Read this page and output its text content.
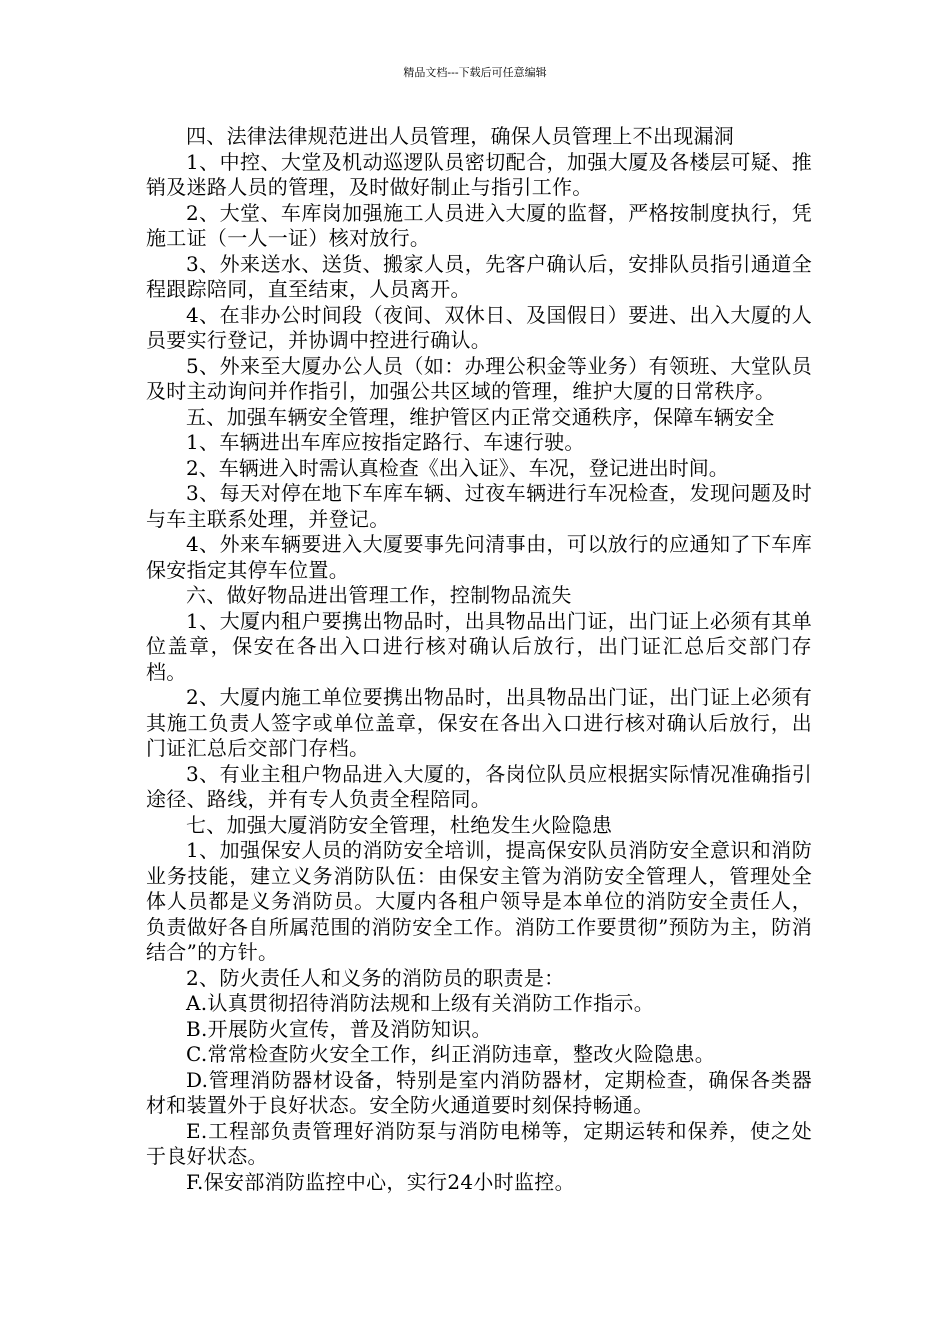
精品文档---下载后可任意编辑

四、法律法律规范进出人员管理，确保人员管理上不出现漏洞

1、中控、大堂及机动巡逻队员密切配合，加强大厦及各楼层可疑、推销及迷路人员的管理，及时做好制止与指引工作。

2、大堂、车库岗加强施工人员进入大厦的监督，严格按制度执行，凭施工证（一人一证）核对放行。

3、外来送水、送货、搬家人员，先客户确认后，安排队员指引通道全程跟踪陪同，直至结束，人员离开。

4、在非办公时间段（夜间、双休日、及国假日）要进、出入大厦的人员要实行登记，并协调中控进行确认。

5、外来至大厦办公人员（如：办理公积金等业务）有领班、大堂队员及时主动询问并作指引，加强公共区域的管理，维护大厦的日常秩序。

五、加强车辆安全管理，维护管区内正常交通秩序，保障车辆安全

1、车辆进出车库应按指定路行、车速行驶。

2、车辆进入时需认真检查《出入证》、车况，登记进出时间。

3、每天对停在地下车库车辆、过夜车辆进行车况检查，发现问题及时与车主联系处理，并登记。

4、外来车辆要进入大厦要事先问清事由，可以放行的应通知了下车库保安指定其停车位置。

六、做好物品进出管理工作，控制物品流失

1、大厦内租户要携出物品时，出具物品出门证，出门证上必须有其单位盖章，保安在各出入口进行核对确认后放行，出门证汇总后交部门存档。

2、大厦内施工单位要携出物品时，出具物品出门证，出门证上必须有其施工负责人签字或单位盖章，保安在各出入口进行核对确认后放行，出门证汇总后交部门存档。

3、有业主租户物品进入大厦的，各岗位队员应根据实际情况准确指引途径、路线，并有专人负责全程陪同。

七、加强大厦消防安全管理，杜绝发生火险隐患

1、加强保安人员的消防安全培训，提高保安队员消防安全意识和消防业务技能，建立义务消防队伍：由保安主管为消防安全管理人，管理处全体人员都是义务消防员。大厦内各租户领导是本单位的消防安全责任人，负责做好各自所属范围的消防安全工作。消防工作要贯彻”预防为主，防消结合”的方针。

2、防火责任人和义务的消防员的职责是：

A.认真贯彻招待消防法规和上级有关消防工作指示。

B.开展防火宣传，普及消防知识。

C.常常检查防火安全工作，纠正消防违章，整改火险隐患。

D.管理消防器材设备，特别是室内消防器材，定期检查，确保各类器材和装置外于良好状态。安全防火通道要时刻保持畅通。

E.工程部负责管理好消防泵与消防电梯等，定期运转和保养，使之处于良好状态。

F.保安部消防监控中心，实行24小时监控。
